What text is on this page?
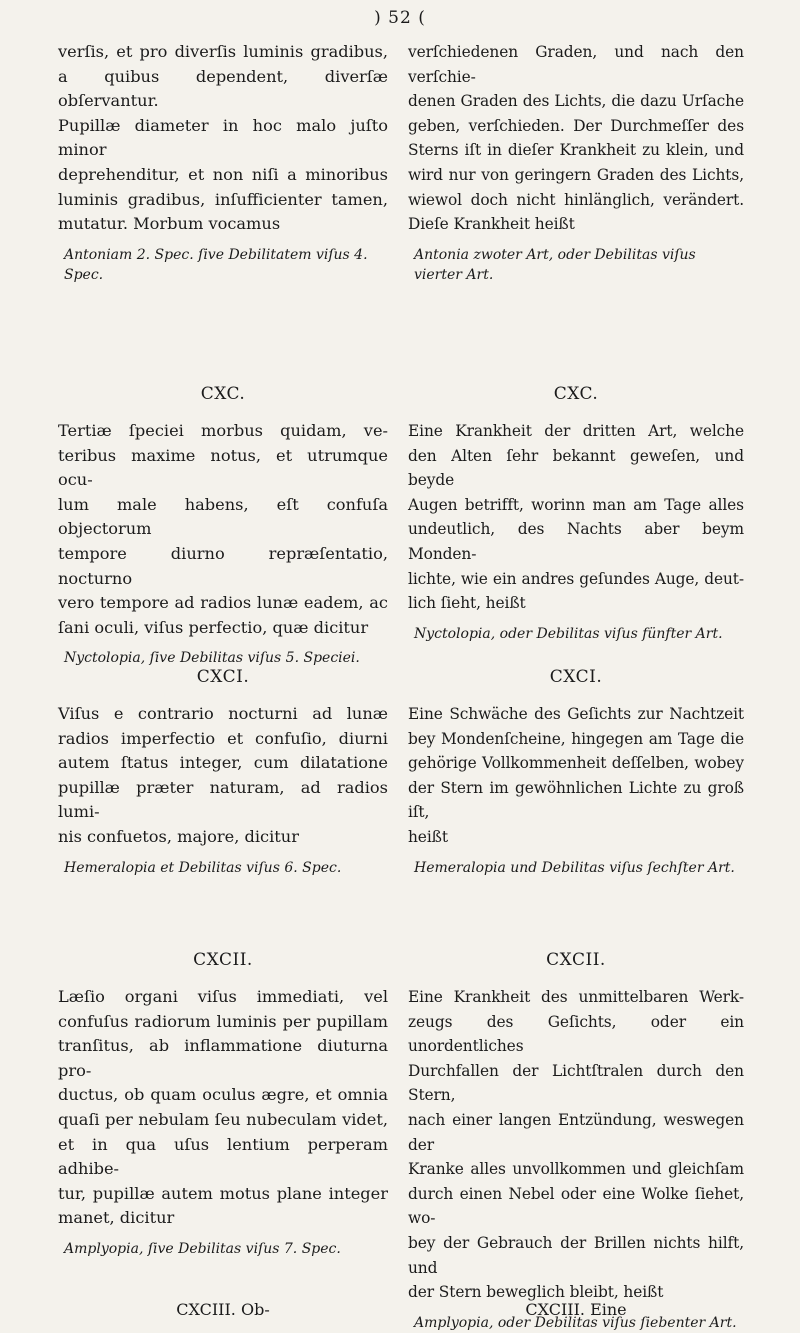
) 52 (
verſis, et pro diverſis luminis gradibus,
a quibus dependent, diverſæ obſervantur.
Pupillæ diameter in hoc malo juſto minor
deprehenditur, et non niſi a minoribus
luminis gradibus, inſufficienter tamen,
mutatur. Morbum vocamus
Antoniam 2. Spec. ſive Debilitatem viſus 4. Spec.
CXC.
Tertiæ ſpeciei morbus quidam, ve-
teribus maxime notus, et utrumque ocu-
lum male habens, eſt confuſa objectorum
tempore diurno repræſentatio, nocturno
vero tempore ad radios lunæ eadem, ac
ſani oculi, viſus perfectio, quæ dicitur
Nyctolopia, ſive Debilitas viſus 5. Speciei.
CXCI.
Viſus e contrario nocturni ad lunæ
radios imperfectio et confuſio, diurni
autem ſtatus integer, cum dilatatione
pupillæ præter naturam, ad radios lumi-
nis confuetos, majore, dicitur
Hemeralopia et Debilitas viſus 6. Spec.
CXCII.
Læſio organi viſus immediati, vel
confuſus radiorum luminis per pupillam
tranſitus, ab inflammatione diuturna pro-
ductus, ob quam oculus ægre, et omnia
quaſi per nebulam ſeu nubeculam videt,
et in qua uſus lentium perperam adhibe-
tur, pupillæ autem motus plane integer
manet, dicitur
Amplyopia, ſive Debilitas viſus 7. Spec.
CXCIII. Ob-
verſchiedenen Graden, und nach den verſchie-
denen Graden des Lichts, die dazu Urſache
geben, verſchieden. Der Durchmeſſer des
Sterns iſt in dieſer Krankheit zu klein, und
wird nur von geringern Graden des Lichts,
wiewol doch nicht hinlänglich, verändert.
Dieſe Krankheit heißt
Antonia zwoter Art, oder Debilitas viſus vierter Art.
CXC.
Eine Krankheit der dritten Art, welche
den Alten ſehr bekannt geweſen, und beyde
Augen betrifft, worinn man am Tage alles
undeutlich, des Nachts aber beym Monden-
lichte, wie ein andres geſundes Auge, deut-
lich ſieht, heißt
Nyctolopia, oder Debilitas viſus fünfter Art.
CXCI.
Eine Schwäche des Geſichts zur Nachtzeit
bey Mondenſcheine, hingegen am Tage die
gehörige Vollkommenheit deſſelben, wobey
der Stern im gewöhnlichen Lichte zu groß iſt,
heißt
Hemeralopia und Debilitas viſus ſechſter Art.
CXCII.
Eine Krankheit des unmittelbaren Werk-
zeugs des Geſichts, oder ein unordentliches
Durchfallen der Lichtſtralen durch den Stern,
nach einer langen Entzündung, weswegen der
Kranke alles unvollkommen und gleichſam
durch einen Nebel oder eine Wolke ſiehet, wo-
bey der Gebrauch der Brillen nichts hilft, und
der Stern beweglich bleibt, heißt
Amplyopia, oder Debilitas viſus ſiebenter Art.
CXCIII. Eine
